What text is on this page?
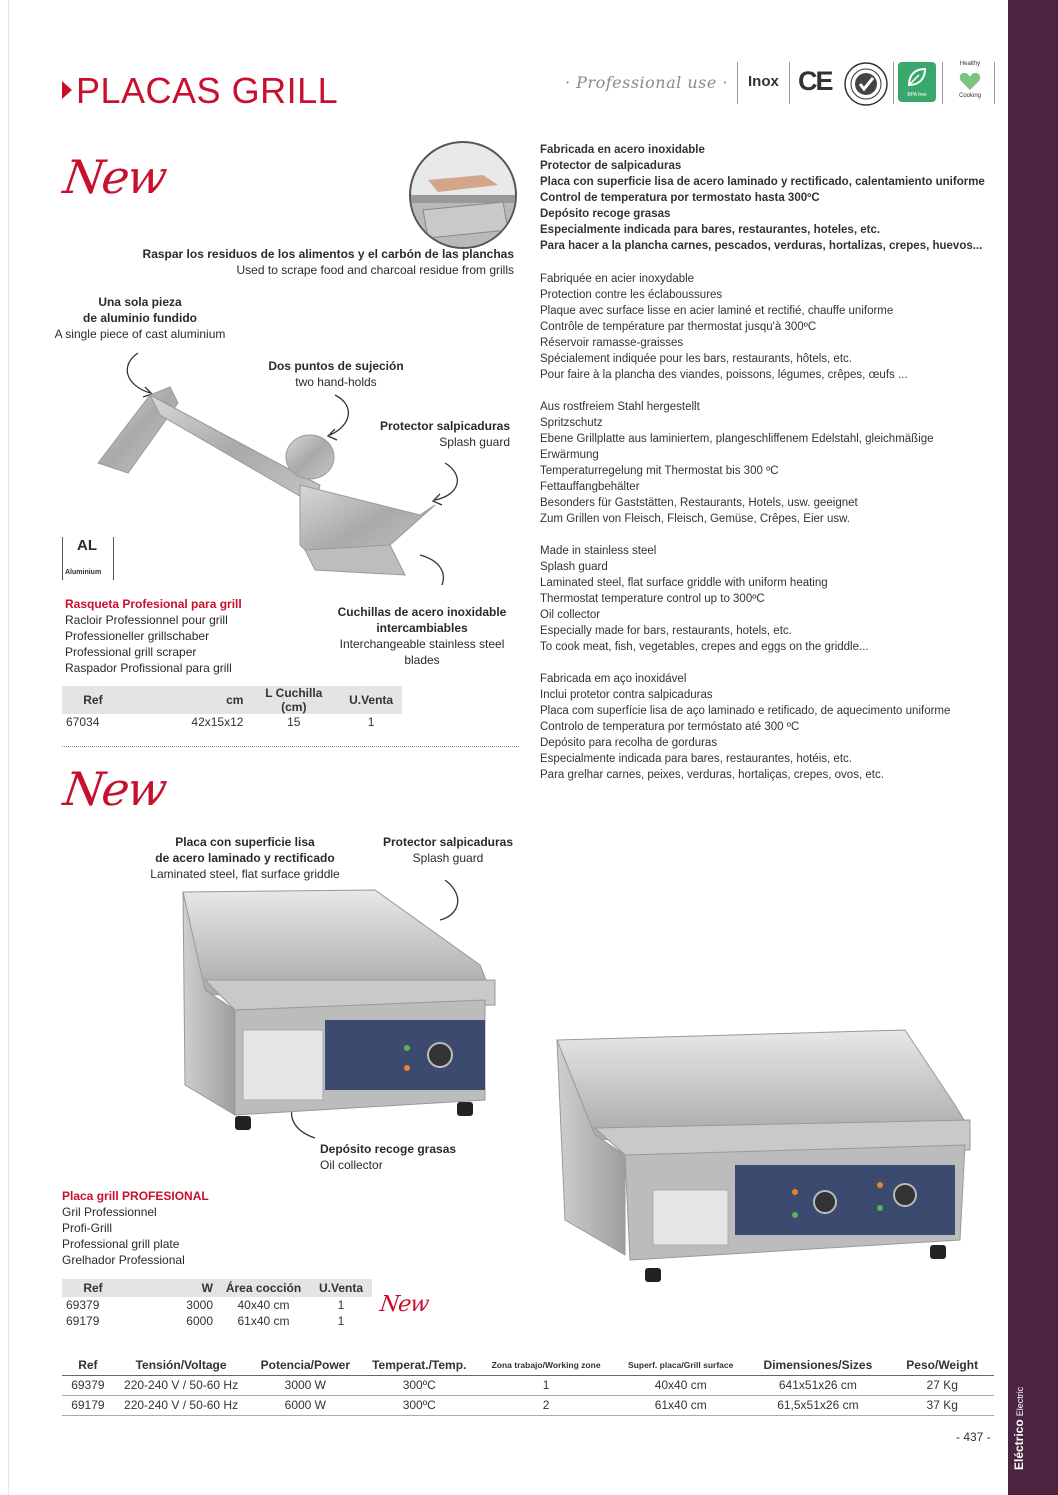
Eléctrico Electric
PLACAS GRILL	· Professional use · Inox CE	BPA free
Healthy
Cooking
New
New
New
Raspar los residuos de los alimentos y el carbón de las planchas
Used to scrape food and charcoal residue from grills
Una sola pieza
de aluminio fundido
A single piece of cast aluminium
Dos puntos de sujeción
two hand-holds
Protector salpicaduras
Splash guard
Cuchillas de acero inoxidable
intercambiables
Interchangeable stainless steel
blades
AL
Aluminium
Rasqueta Profesional para grill
Racloir Professionnel pour grill
Professioneller grillschaber
Professional grill scraper
Raspador Profissional para grill
Ref	cm	L Cuchilla (cm)	U.Venta
67034	42x15x12	15	1
Fabricada en acero inoxidable
Protector de salpicaduras
Placa con superficie lisa de acero laminado y rectificado, calentamiento uniforme
Control de temperatura por termostato hasta 300ºC
Depósito recoge grasas
Especialmente indicada para bares, restaurantes, hoteles, etc.
Para hacer a la plancha carnes, pescados, verduras, hortalizas, crepes, huevos...
Fabriquée en acier inoxydable
Protection contre les éclaboussures
Plaque avec surface lisse en acier laminé et rectifié, chauffe uniforme
Contrôle de température par thermostat jusqu'à 300ºC
Réservoir ramasse-graisses
Spécialement indiquée pour les bars, restaurants, hôtels, etc.
Pour faire à la plancha des viandes, poissons, légumes, crêpes, œufs ...
Aus rostfreiem Stahl hergestellt
Spritzschutz
Ebene Grillplatte aus laminiertem, plangeschliffenem Edelstahl, gleichmäßige
Erwärmung
Temperaturregelung mit Thermostat bis 300 ºC
Fettauffangbehälter
Besonders für Gaststätten, Restaurants, Hotels, usw. geeignet
Zum Grillen von Fleisch, Fleisch, Gemüse, Crêpes, Eier usw.
Made in stainless steel
Splash guard
Laminated steel, flat surface griddle with uniform heating
Thermostat temperature control up to 300ºC
Oil collector
Especially made for bars, restaurants, hotels, etc.
To cook meat, fish, vegetables, crepes and eggs on the griddle...
Fabricada em aço inoxidável
Inclui protetor contra salpicaduras
Placa com superfície lisa de aço laminado e retificado, de aquecimento uniforme
Controlo de temperatura por termóstato até 300 ºC
Depósito para recolha de gorduras
Especialmente indicada para bares, restaurantes, hotéis, etc.
Para grelhar carnes, peixes, verduras, hortaliças, crepes, ovos, etc.
Placa con superficie lisa
de acero laminado y rectificado
Laminated steel, flat surface griddle
Protector salpicaduras
Splash guard
Depósito recoge grasas
Oil collector
Placa grill PROFESIONAL
Gril Professionnel
Profi-Grill
Professional grill plate
Grelhador Professional
Ref	W	Área cocción	U.Venta
69379	3000	40x40 cm	1
69179	6000	61x40 cm	1
Ref	Tensión/Voltage	Potencia/Power	Temperat./Temp.	Zona trabajo/Working zone	Superf. placa/Grill surface	Dimensiones/Sizes	Peso/Weight
69379	220-240 V / 50-60 Hz	3000 W	300ºC	1	40x40 cm	641x51x26 cm	27 Kg
69179	220-240 V / 50-60 Hz	6000 W	300ºC	2	61x40 cm	61,5x51x26 cm	37 Kg
- 437 -
